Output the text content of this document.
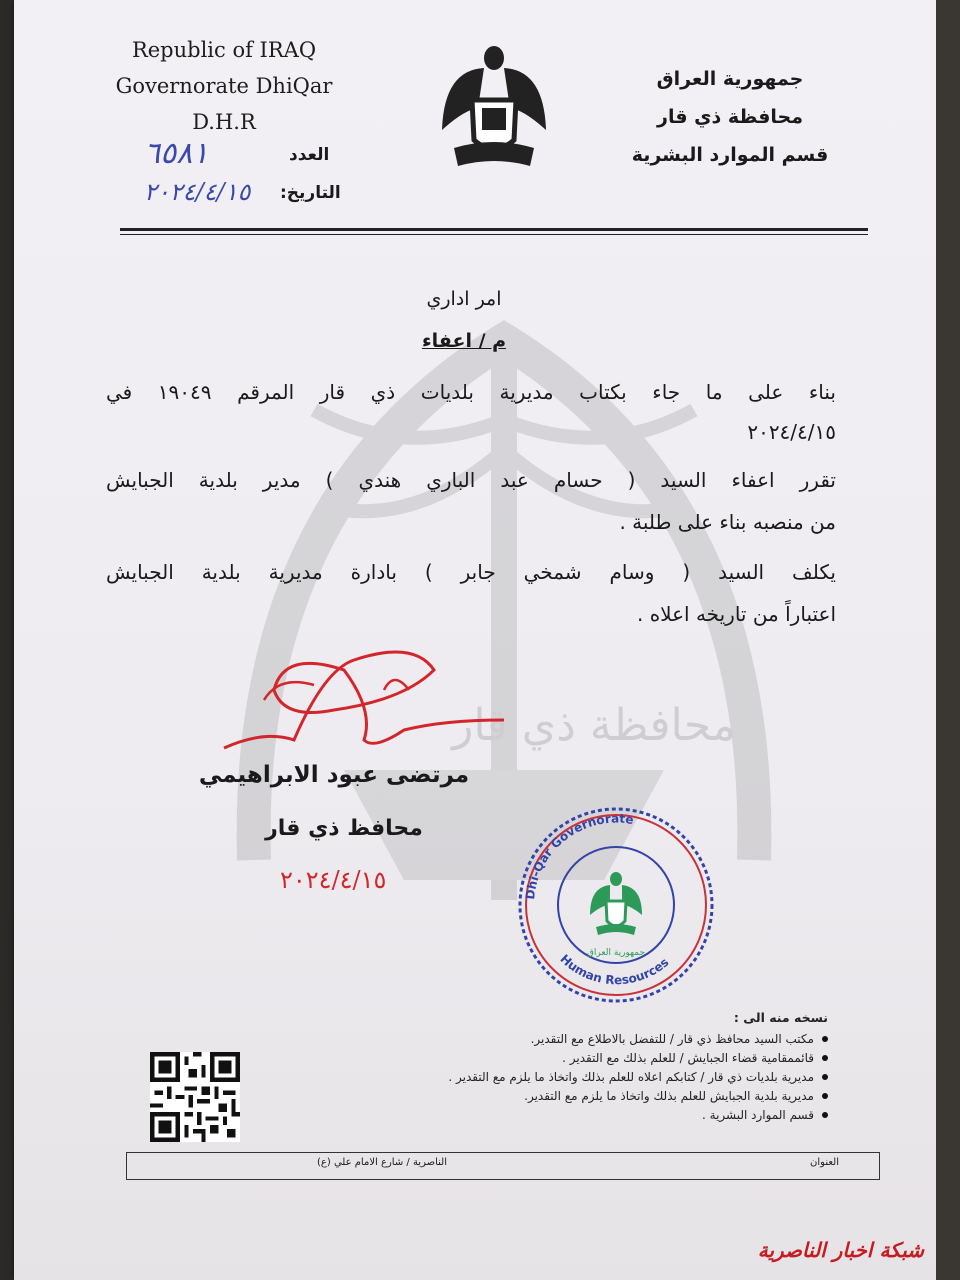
محافظة ذي قار
Republic of IRAQ
Governorate DhiQar
D.H.R
العدد
٦٥٨١
التاريخ:
٢٠٢٤/٤/١٥
جمهورية العراق
محافظة ذي قار
قسم الموارد البشرية
امر اداري
م / اعفاء
بناء على ما جاء بكتاب مديرية بلديات ذي قار المرقم ١٩٠٤٩ في
٢٠٢٤/٤/١٥
تقرر اعفاء السيد ( حسام عبد الباري هندي ) مدير بلدية الجبايش
من منصبه بناء على طلبة .
يكلف السيد ( وسام شمخي جابر ) بادارة مديرية بلدية الجبايش
اعتباراً من تاريخه اعلاه .
مرتضى عبود الابراهيمي
محافظ ذي قار
٢٠٢٤/٤/١٥
Dhi-Qar Governorate
Human Resources
جمهورية العراق
نسخه منه الى :
مكتب السيد محافظ ذي قار / للتفضل بالاطلاع مع التقدير.
قائممقامية قضاء الجبايش / للعلم بذلك مع التقدير .
مديرية بلديات ذي قار / كتابكم اعلاه للعلم بذلك واتخاذ ما يلزم مع التقدير .
مديرية بلدية الجبايش للعلم بذلك واتخاذ ما يلزم مع التقدير.
قسم الموارد البشرية .
العنوان
الناصرية / شارع الامام علي (ع)
شبكة اخبار الناصرية
